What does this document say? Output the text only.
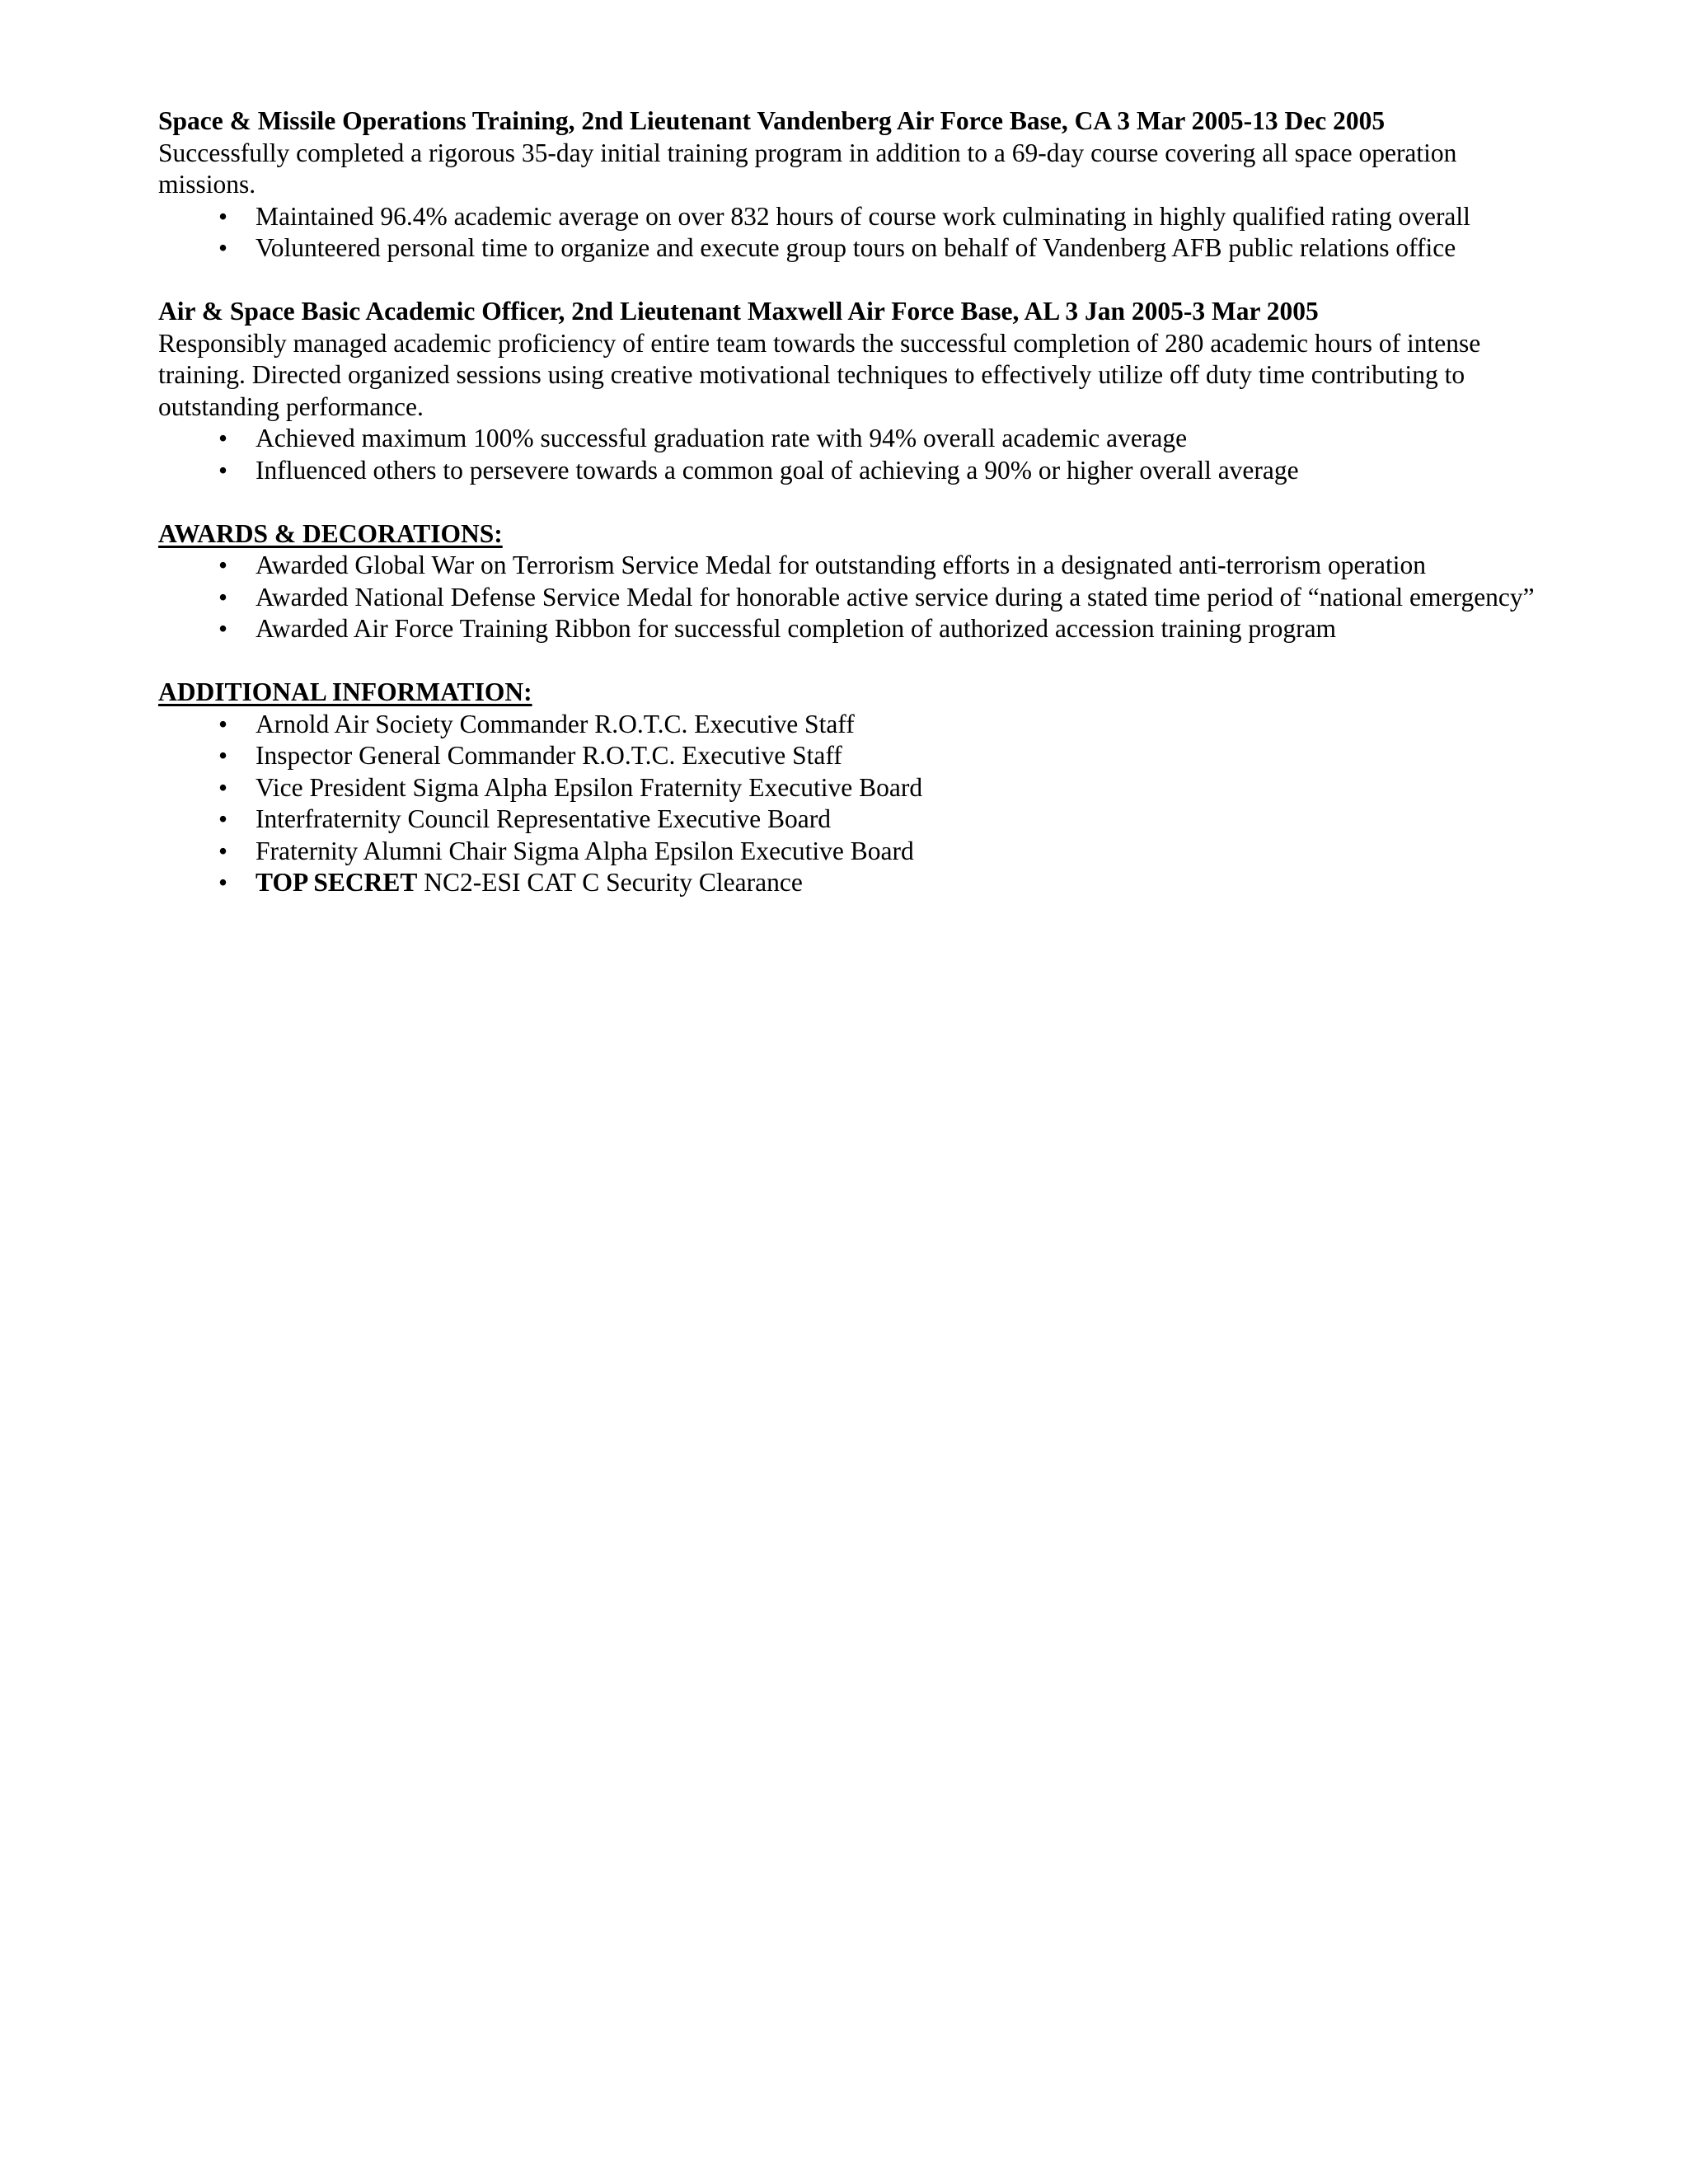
Space & Missile Operations Training, 2nd Lieutenant Vandenberg Air Force Base, CA 3 Mar 2005-13 Dec 2005
Successfully completed a rigorous 35-day initial training program in addition to a 69-day course covering all space operation missions.
• Maintained 96.4% academic average on over 832 hours of course work culminating in highly qualified rating overall
• Volunteered personal time to organize and execute group tours on behalf of Vandenberg AFB public relations office
Air & Space Basic Academic Officer, 2nd Lieutenant Maxwell Air Force Base, AL 3 Jan 2005-3 Mar 2005
Responsibly managed academic proficiency of entire team towards the successful completion of 280 academic hours of intense training. Directed organized sessions using creative motivational techniques to effectively utilize off duty time contributing to outstanding performance.
• Achieved maximum 100% successful graduation rate with 94% overall academic average
• Influenced others to persevere towards a common goal of achieving a 90% or higher overall average
AWARDS & DECORATIONS:
• Awarded Global War on Terrorism Service Medal for outstanding efforts in a designated anti-terrorism operation
• Awarded National Defense Service Medal for honorable active service during a stated time period of “national emergency”
• Awarded Air Force Training Ribbon for successful completion of authorized accession training program
ADDITIONAL INFORMATION:
• Arnold Air Society Commander R.O.T.C. Executive Staff
• Inspector General Commander R.O.T.C. Executive Staff
• Vice President Sigma Alpha Epsilon Fraternity Executive Board
• Interfraternity Council Representative Executive Board
• Fraternity Alumni Chair Sigma Alpha Epsilon Executive Board
• TOP SECRET NC2-ESI CAT C Security Clearance
